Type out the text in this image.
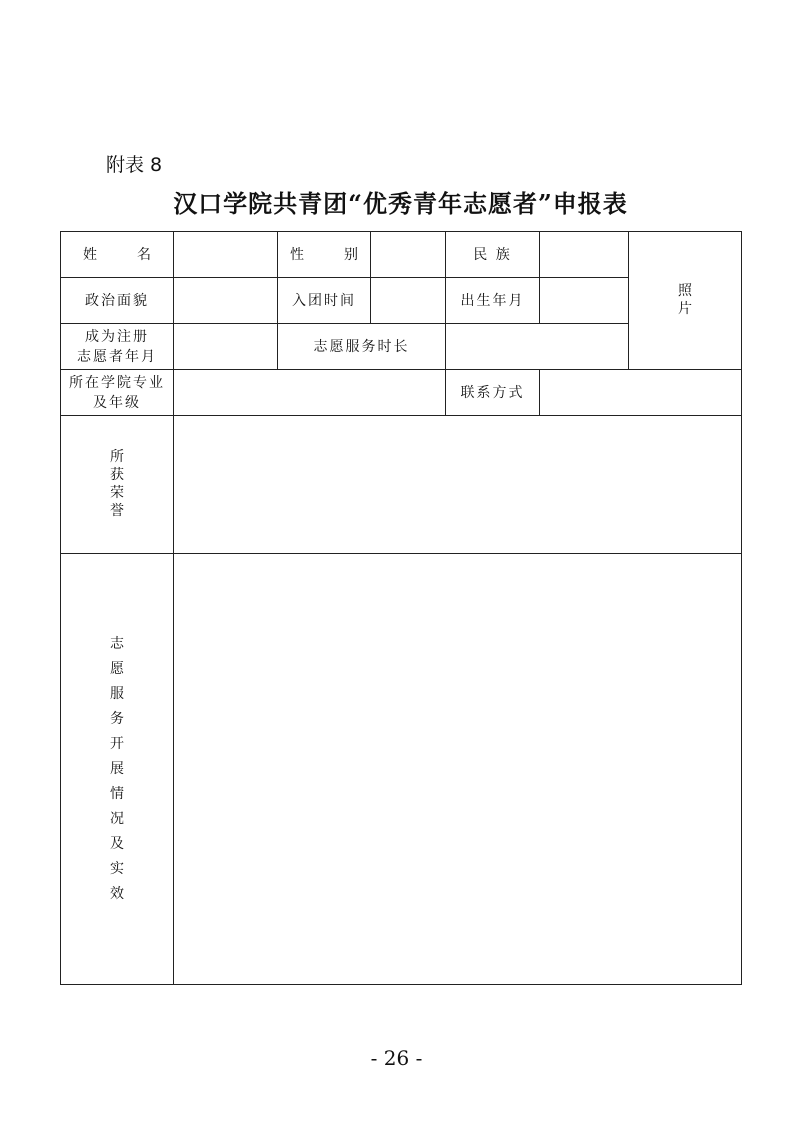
附表 8
汉口学院共青团“优秀青年志愿者”申报表
姓 名		性 别		民 族		照片
政治面貌		入团时间		出生年月		
成为注册
志愿者年月		志愿服务时长				
所在学院专业
及年级				联系方式		
所获荣誉						
志愿服务开展情况及实效						
- 26 -
